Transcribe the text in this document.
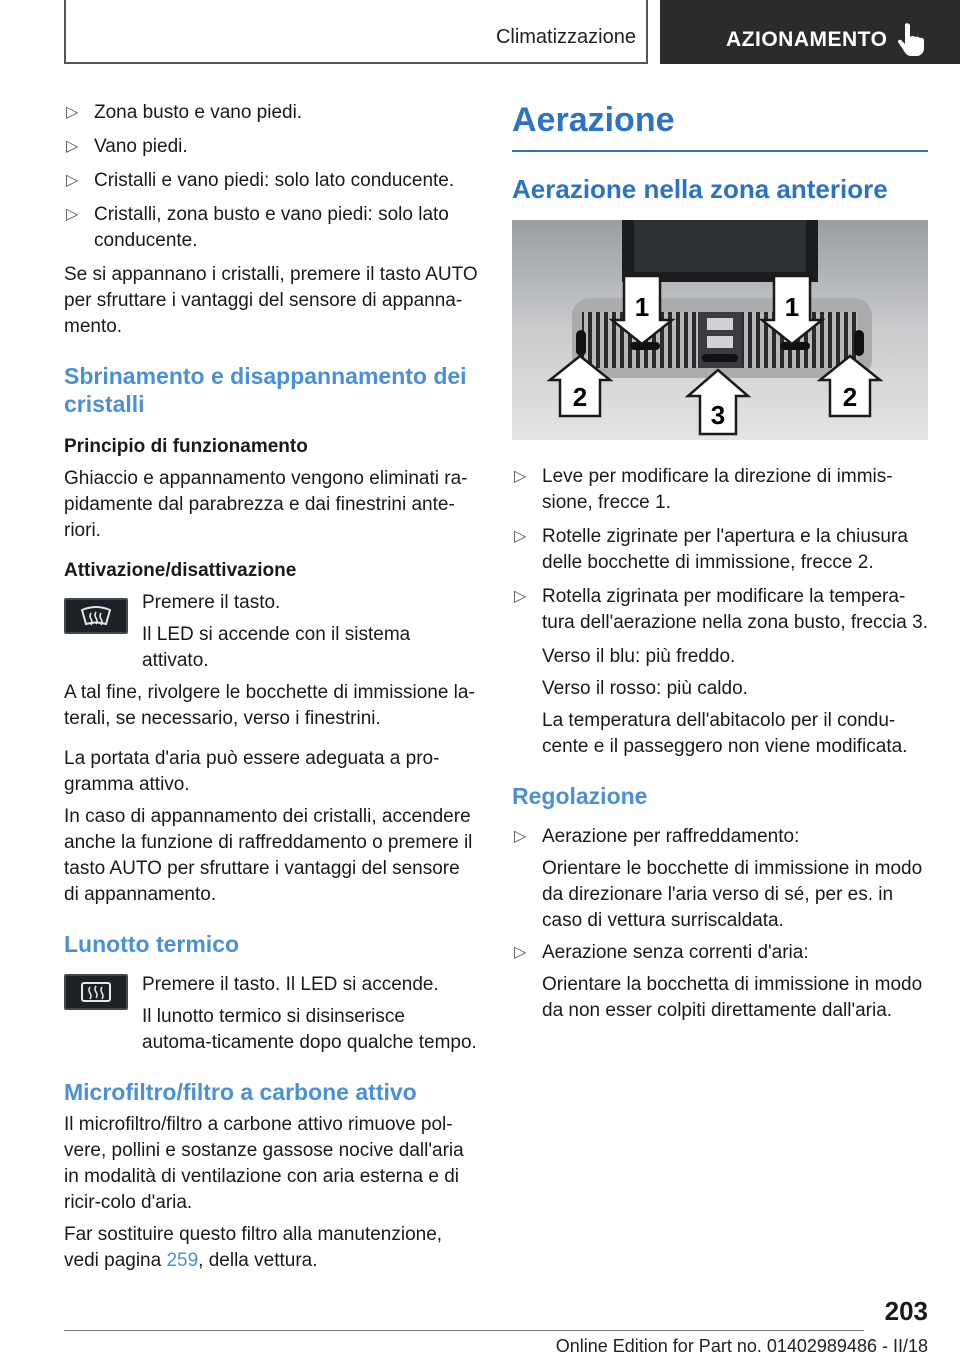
Climatizzazione	AZIONAMENTO
▷ Zona busto e vano piedi.
▷ Vano piedi.
▷ Cristalli e vano piedi: solo lato conducente.
▷ Cristalli, zona busto e vano piedi: solo lato conducente.

Se si appannano i cristalli, premere il tasto AUTO per sfruttare i vantaggi del sensore di appanna-mento.

Sbrinamento e disappannamento dei cristalli
Principio di funzionamento

Ghiaccio e appannamento vengono eliminati ra-pidamente dal parabrezza e dai finestrini ante-riori.

Attivazione/disattivazione

Premere il tasto.

Il LED si accende con il sistema attivato.

A tal fine, rivolgere le bocchette di immissione la-terali, se necessario, verso i finestrini.

La portata d'aria può essere adeguata a pro-gramma attivo.

In caso di appannamento dei cristalli, accendere anche la funzione di raffreddamento o premere il tasto AUTO per sfruttare i vantaggi del sensore di appannamento.

Lunotto termico

Premere il tasto. Il LED si accende.

Il lunotto termico si disinserisce automa-ticamente dopo qualche tempo.

Microfiltro/filtro a carbone attivo

Il microfiltro/filtro a carbone attivo rimuove pol-vere, pollini e sostanze gassose nocive dall'aria in modalità di ventilazione con aria esterna e di ricir-colo d'aria.

Far sostituire questo filtro alla manutenzione, vedi pagina 259, della vettura.

Aerazione
Aerazione nella zona anteriore
1	1
2
3
2
▷ Leve per modificare la direzione di immis-sione, frecce 1.
▷ Rotelle zigrinate per l'apertura e la chiusura delle bocchette di immissione, frecce 2.
▷ Rotella zigrinata per modificare la tempera-tura dell'aerazione nella zona busto, freccia 3.

Verso il blu: più freddo.

Verso il rosso: più caldo.

La temperatura dell'abitacolo per il condu-cente e il passeggero non viene modificata.

Regolazione
▷ Aerazione per raffreddamento:

Orientare le bocchette di immissione in modo da direzionare l'aria verso di sé, per es. in caso di vettura surriscaldata.

▷ Aerazione senza correnti d'aria:

Orientare la bocchetta di immissione in modo da non esser colpiti direttamente dall'aria.

203
Online Edition for Part no. 01402989486 - II/18
